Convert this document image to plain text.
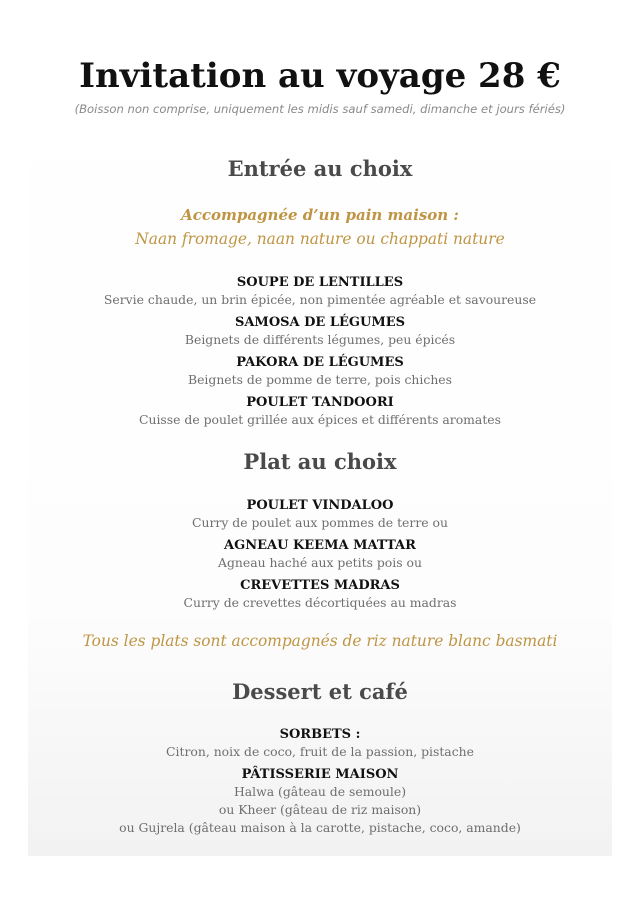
Invitation au voyage 28 €
(Boisson non comprise, uniquement les midis sauf samedi, dimanche et jours fériés)
Entrée au choix
Accompagnée d’un pain maison :
Naan fromage, naan nature ou chappati nature
SOUPE DE LENTILLES
Servie chaude, un brin épicée, non pimentée agréable et savoureuse
SAMOSA DE LÉGUMES
Beignets de différents légumes, peu épicés
PAKORA DE LÉGUMES
Beignets de pomme de terre, pois chiches
POULET TANDOORI
Cuisse de poulet grillée aux épices et différents aromates
Plat au choix
POULET VINDALOO
Curry de poulet aux pommes de terre ou
AGNEAU KEEMA MATTAR
Agneau haché aux petits pois ou
CREVETTES MADRAS
Curry de crevettes décortiquées au madras
Tous les plats sont accompagnés de riz nature blanc basmati
Dessert et café
SORBETS :
Citron, noix de coco, fruit de la passion, pistache
PÂTISSERIE MAISON
Halwa (gâteau de semoule)
ou Kheer (gâteau de riz maison)
ou Gujrela (gâteau maison à la carotte, pistache, coco, amande)
